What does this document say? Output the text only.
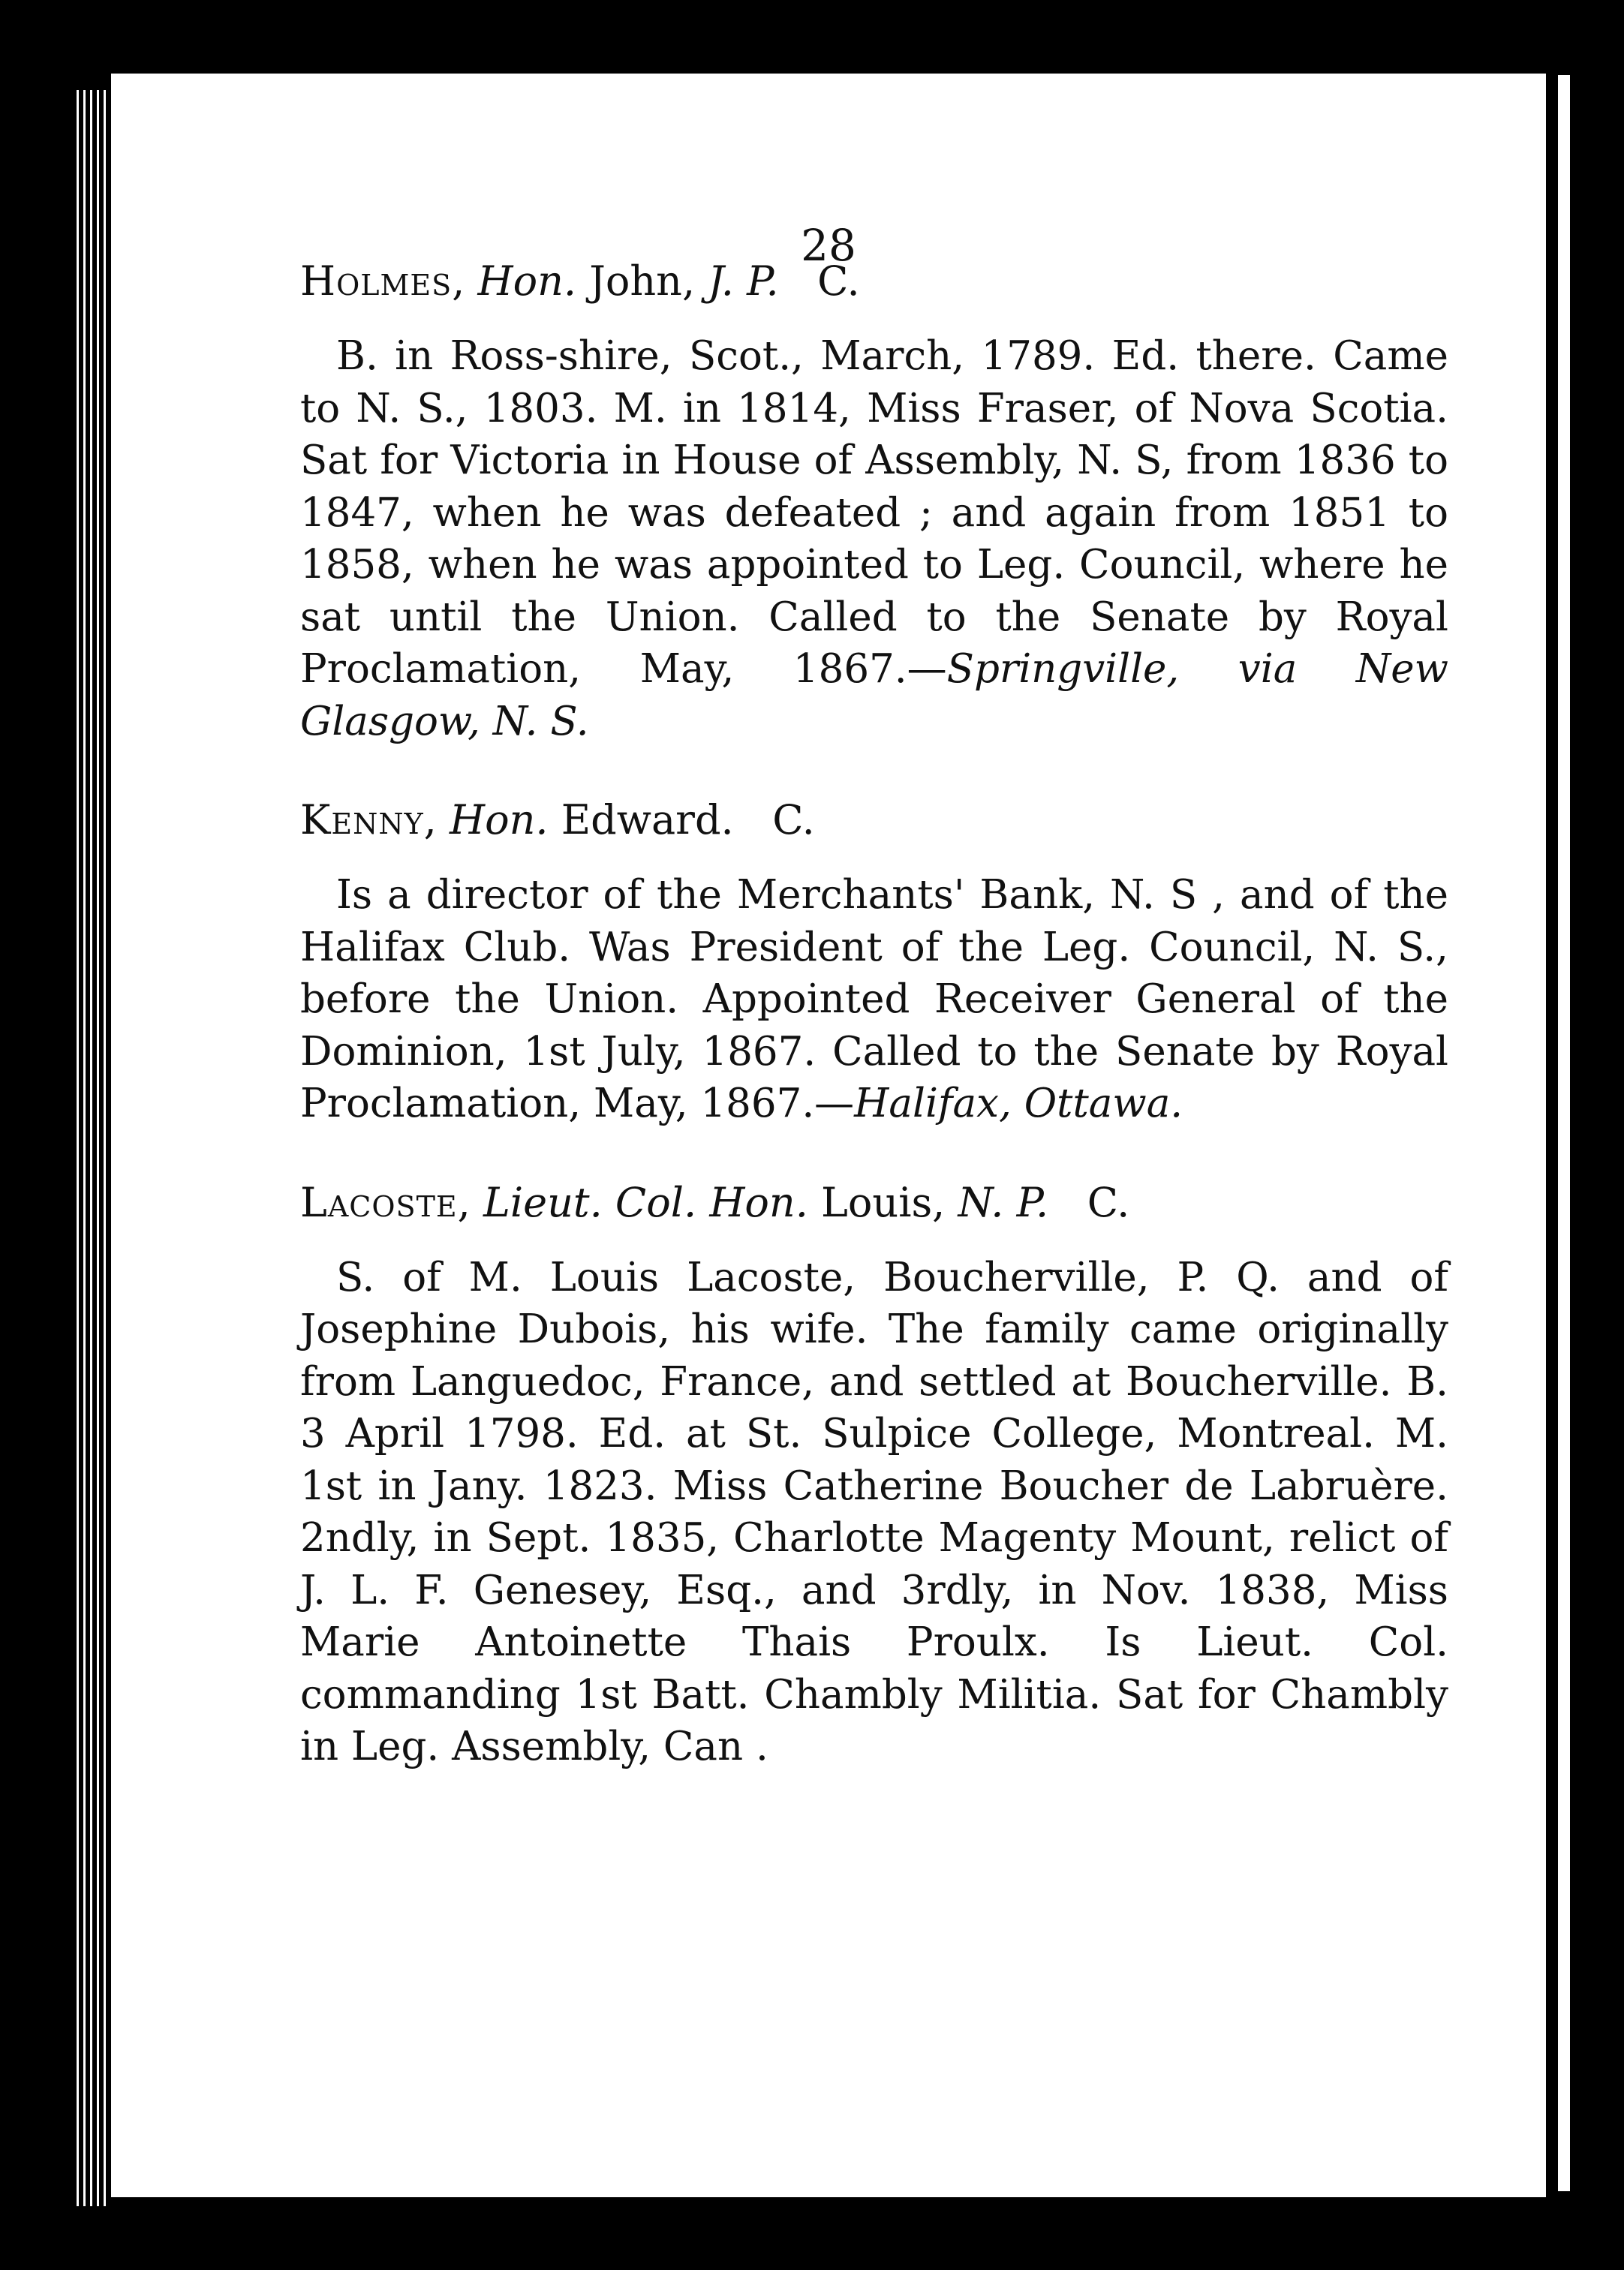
28
Holmes, Hon. John, J. P. C.

B. in Ross-shire, Scot., March, 1789. Ed. there. Came to N. S., 1803. M. in 1814, Miss Fraser, of Nova Scotia. Sat for Victoria in House of Assembly, N. S, from 1836 to 1847, when he was defeated ; and again from 1851 to 1858, when he was appointed to Leg. Council, where he sat until the Union. Called to the Senate by Royal Proclamation, May, 1867.—Springville, via New Glasgow, N. S.

Kenny, Hon. Edward. C.

Is a director of the Merchants' Bank, N. S , and of the Halifax Club. Was President of the Leg. Council, N. S., before the Union. Appointed Receiver General of the Dominion, 1st July, 1867. Called to the Senate by Royal Proclamation, May, 1867.—Halifax, Ottawa.

Lacoste, Lieut. Col. Hon. Louis, N. P. C.

S. of M. Louis Lacoste, Boucherville, P. Q. and of Josephine Dubois, his wife. The family came originally from Languedoc, France, and settled at Boucherville. B. 3 April 1798. Ed. at St. Sulpice College, Montreal. M. 1st in Jany. 1823. Miss Catherine Boucher de Labruère. 2ndly, in Sept. 1835, Charlotte Magenty Mount, relict of J. L. F. Genesey, Esq., and 3rdly, in Nov. 1838, Miss Marie Antoinette Thais Proulx. Is Lieut. Col. commanding 1st Batt. Chambly Militia. Sat for Chambly in Leg. Assembly, Can .
